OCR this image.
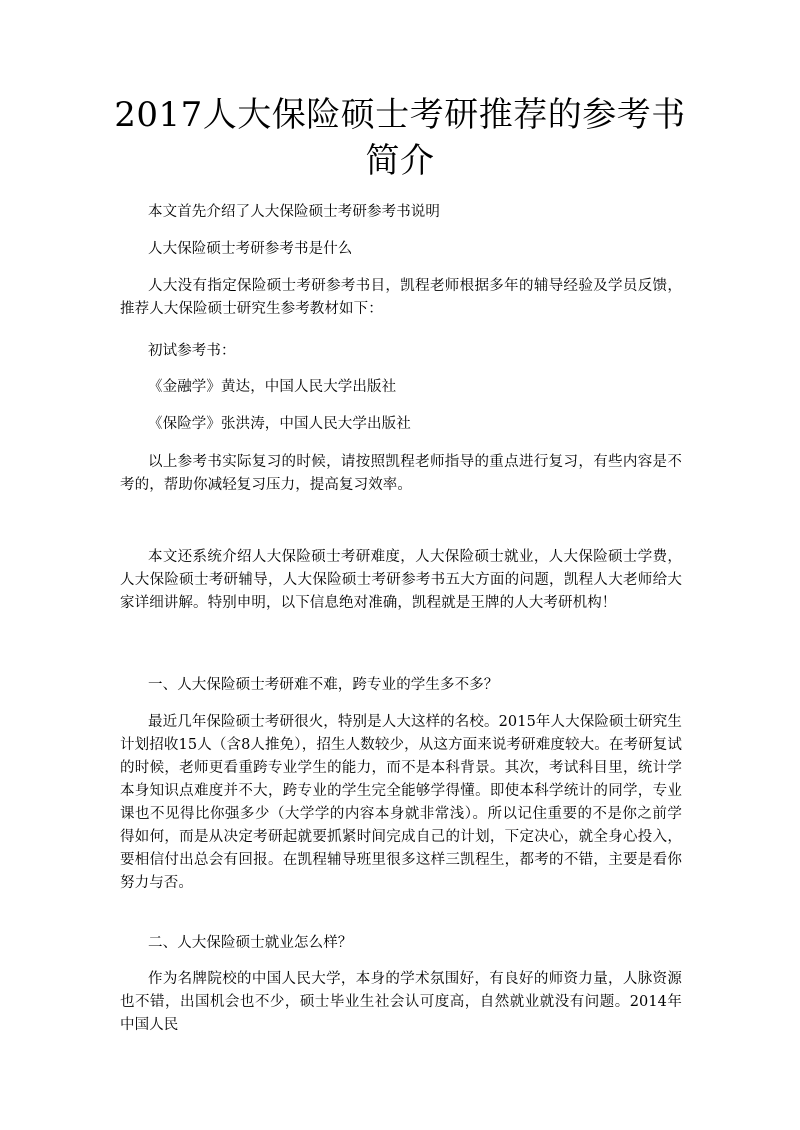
2017人大保险硕士考研推荐的参考书简介
本文首先介绍了人大保险硕士考研参考书说明
人大保险硕士考研参考书是什么
人大没有指定保险硕士考研参考书目，凯程老师根据多年的辅导经验及学员反馈，推荐人大保险硕士研究生参考教材如下：
初试参考书：
《金融学》黄达，中国人民大学出版社
《保险学》张洪涛，中国人民大学出版社
以上参考书实际复习的时候，请按照凯程老师指导的重点进行复习，有些内容是不考的，帮助你减轻复习压力，提高复习效率。
本文还系统介绍人大保险硕士考研难度，人大保险硕士就业，人大保险硕士学费，人大保险硕士考研辅导，人大保险硕士考研参考书五大方面的问题，凯程人大老师给大家详细讲解。特别申明，以下信息绝对准确，凯程就是王牌的人大考研机构！
一、人大保险硕士考研难不难，跨专业的学生多不多？
最近几年保险硕士考研很火，特别是人大这样的名校。2015年人大保险硕士研究生计划招收15人（含8人推免），招生人数较少，从这方面来说考研难度较大。在考研复试的时候，老师更看重跨专业学生的能力，而不是本科背景。其次，考试科目里，统计学本身知识点难度并不大，跨专业的学生完全能够学得懂。即使本科学统计的同学，专业课也不见得比你强多少（大学学的内容本身就非常浅）。所以记住重要的不是你之前学得如何，而是从决定考研起就要抓紧时间完成自己的计划，下定决心，就全身心投入，要相信付出总会有回报。在凯程辅导班里很多这样三凯程生，都考的不错，主要是看你努力与否。
二、人大保险硕士就业怎么样？
作为名牌院校的中国人民大学，本身的学术氛围好，有良好的师资力量，人脉资源也不错，出国机会也不少，硕士毕业生社会认可度高，自然就业就没有问题。2014年中国人民
